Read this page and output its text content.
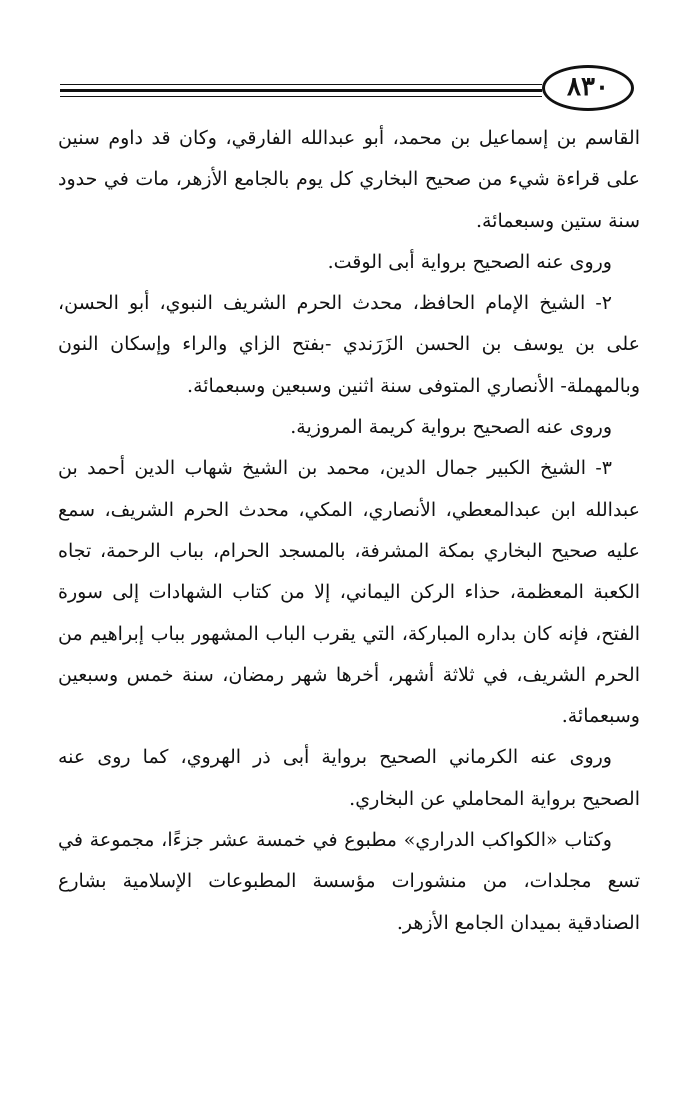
٨٣٠

القاسم بن إسماعيل بن محمد، أبو عبدالله الفارقي، وكان قد داوم سنين على قراءة شيء من صحيح البخاري كل يوم بالجامع الأزهر، مات في حدود سنة ستين وسبعمائة.

وروى عنه الصحيح برواية أبى الوقت.

٢- الشيخ الإمام الحافظ، محدث الحرم الشريف النبوي، أبو الحسن، على بن يوسف بن الحسن الزَرَندي -بفتح الزاي والراء وإسكان النون وبالمهملة- الأنصاري المتوفى سنة اثنين وسبعين وسبعمائة.

وروى عنه الصحيح برواية كريمة المروزية.

٣- الشيخ الكبير جمال الدين، محمد بن الشيخ شهاب الدين أحمد بن عبدالله ابن عبدالمعطي، الأنصاري، المكي، محدث الحرم الشريف، سمع عليه صحيح البخاري بمكة المشرفة، بالمسجد الحرام، بباب الرحمة، تجاه الكعبة المعظمة، حذاء الركن اليماني، إلا من كتاب الشهادات إلى سورة الفتح، فإنه كان بداره المباركة، التي يقرب الباب المشهور بباب إبراهيم من الحرم الشريف، في ثلاثة أشهر، أخرها شهر رمضان، سنة خمس وسبعين وسبعمائة.

وروى عنه الكرماني الصحيح برواية أبى ذر الهروي، كما روى عنه الصحيح برواية المحاملي عن البخاري.

وكتاب «الكواكب الدراري» مطبوع في خمسة عشر جزءًا، مجموعة في تسع مجلدات، من منشورات مؤسسة المطبوعات الإسلامية بشارع الصنادقية بميدان الجامع الأزهر.
